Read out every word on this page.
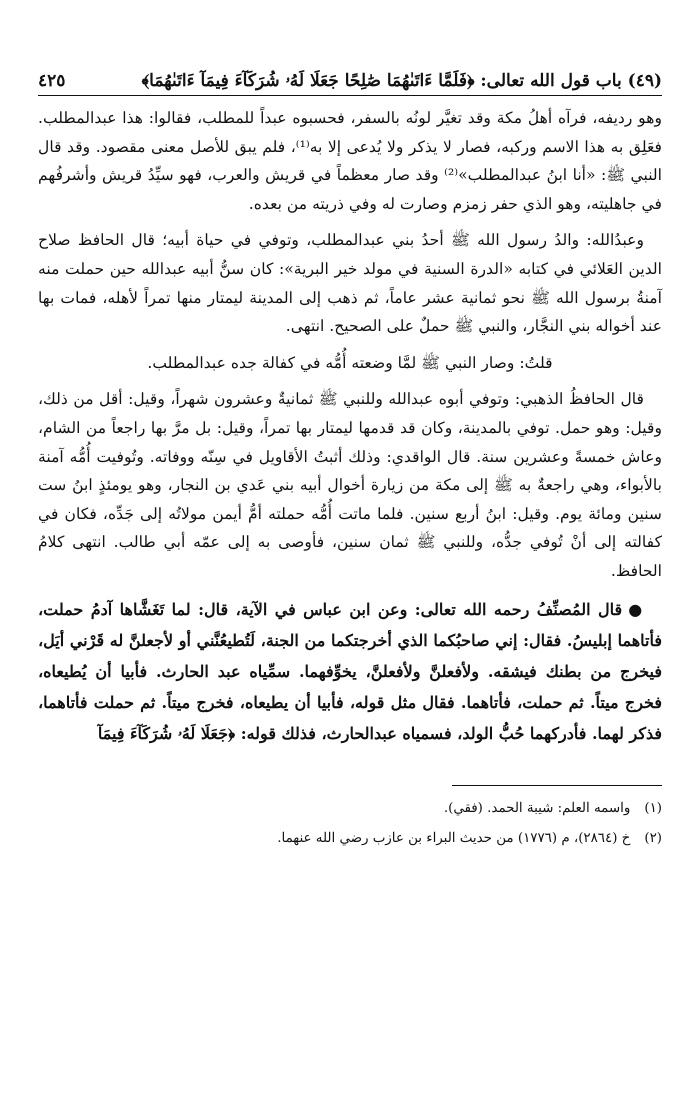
(٤٩) باب قول الله تعالى: ﴿فَلَمَّا ءَاتَىٰهُمَا صَٰلِحًا جَعَلَا لَهُۥ شُرَكَآءَ فِيمَآ ءَاتَىٰهُمَا﴾
٤٢٥

وهو رديفه، فرآه أهلُ مكة وقد تغيَّر لونُه بالسفر، فحسبوه عبداً للمطلب، فقالوا: هذا عبدالمطلب. فعَلِق به هذا الاسم وركبه، فصار لا يذكر ولا يُدعى إلا به⁽¹⁾، فلم يبق للأصل معنى مقصود. وقد قال النبي ﷺ: «أنا ابنُ عبدالمطلب»⁽²⁾ وقد صار معظماً في قريش والعرب، فهو سيِّدُ قريش وأشرفُهم في جاهليته، وهو الذي حفر زمزم وصارت له وفي ذريته من بعده.

وعبدُالله: والدُ رسول الله ﷺ أحدُ بني عبدالمطلب، وتوفي في حياة أبيه؛ قال الحافظ صلاح الدين العَلائي في كتابه «الدرة السنية في مولد خير البرية»: كان سنُّ أبيه عبدالله حين حملت منه آمنةُ برسول الله ﷺ نحو ثمانية عشر عاماً، ثم ذهب إلى المدينة ليمتار منها تمراً لأهله، فمات بها عند أخواله بني النجَّار، والنبي ﷺ حملٌ على الصحيح. انتهى.

قلتُ: وصار النبي ﷺ لمَّا وضعته أُمُّه في كفالة جده عبدالمطلب.

قال الحافظُ الذهبي: وتوفي أبوه عبدالله وللنبي ﷺ ثمانيةٌ وعشرون شهراً، وقيل: أقل من ذلك، وقيل: وهو حمل. توفي بالمدينة، وكان قد قدمها ليمتار بها تمراً، وقيل: بل مرَّ بها راجعاً من الشام، وعاش خمسةً وعشرين سنة. قال الواقدي: وذلك أثبتُ الأقاويل في سِنّه ووفاته. وتُوفيت أُمُّه آمنة بالأبواء، وهي راجعةٌ به ﷺ إلى مكة من زيارة أخوال أبيه بني عَدي بن النجار، وهو يومئذٍ ابنُ ست سنين ومائة يوم. وقيل: ابنُ أربع سنين. فلما ماتت أُمُّه حملته أمُّ أيمن مولاتُه إلى جَدِّه، فكان في كفالته إلى أنْ تُوفي جدُّه، وللنبي ﷺ ثمان سنين، فأوصى به إلى عمّه أبي طالب. انتهى كلامُ الحافظ.

●قال المُصنِّفُ رحمه الله تعالى: وعن ابن عباس في الآية، قال: لما تَغَشَّاها آدمُ حملت، فأتاهما إبليسُ. فقال: إني صاحبُكما الذي أخرجتكما من الجنة، لَتُطيعُنَّني أو لأجعلنَّ له قَرْني أيَل، فيخرج من بطنك فيشقه. ولأفعلنَّ ولأفعلنَّ، يخوِّفهما. سمِّياه عبد الحارث. فأبيا أن يُطيعاه، فخرج ميتاً. ثم حملت، فأتاهما. فقال مثل قوله، فأبيا أن يطيعاه، فخرج ميتاً. ثم حملت فأتاهما، فذكر لهما. فأدركهما حُبُّ الولد، فسمياه عبدالحارث، فذلك قوله: ﴿جَعَلَا لَهُۥ شُرَكَآءَ فِيمَآ

(١)واسمه العلم: شيبة الحمد. (فقي).

(٢)خ (٢٨٦٤)، م (١٧٧٦) من حديث البراء بن عازب رضي الله عنهما.
